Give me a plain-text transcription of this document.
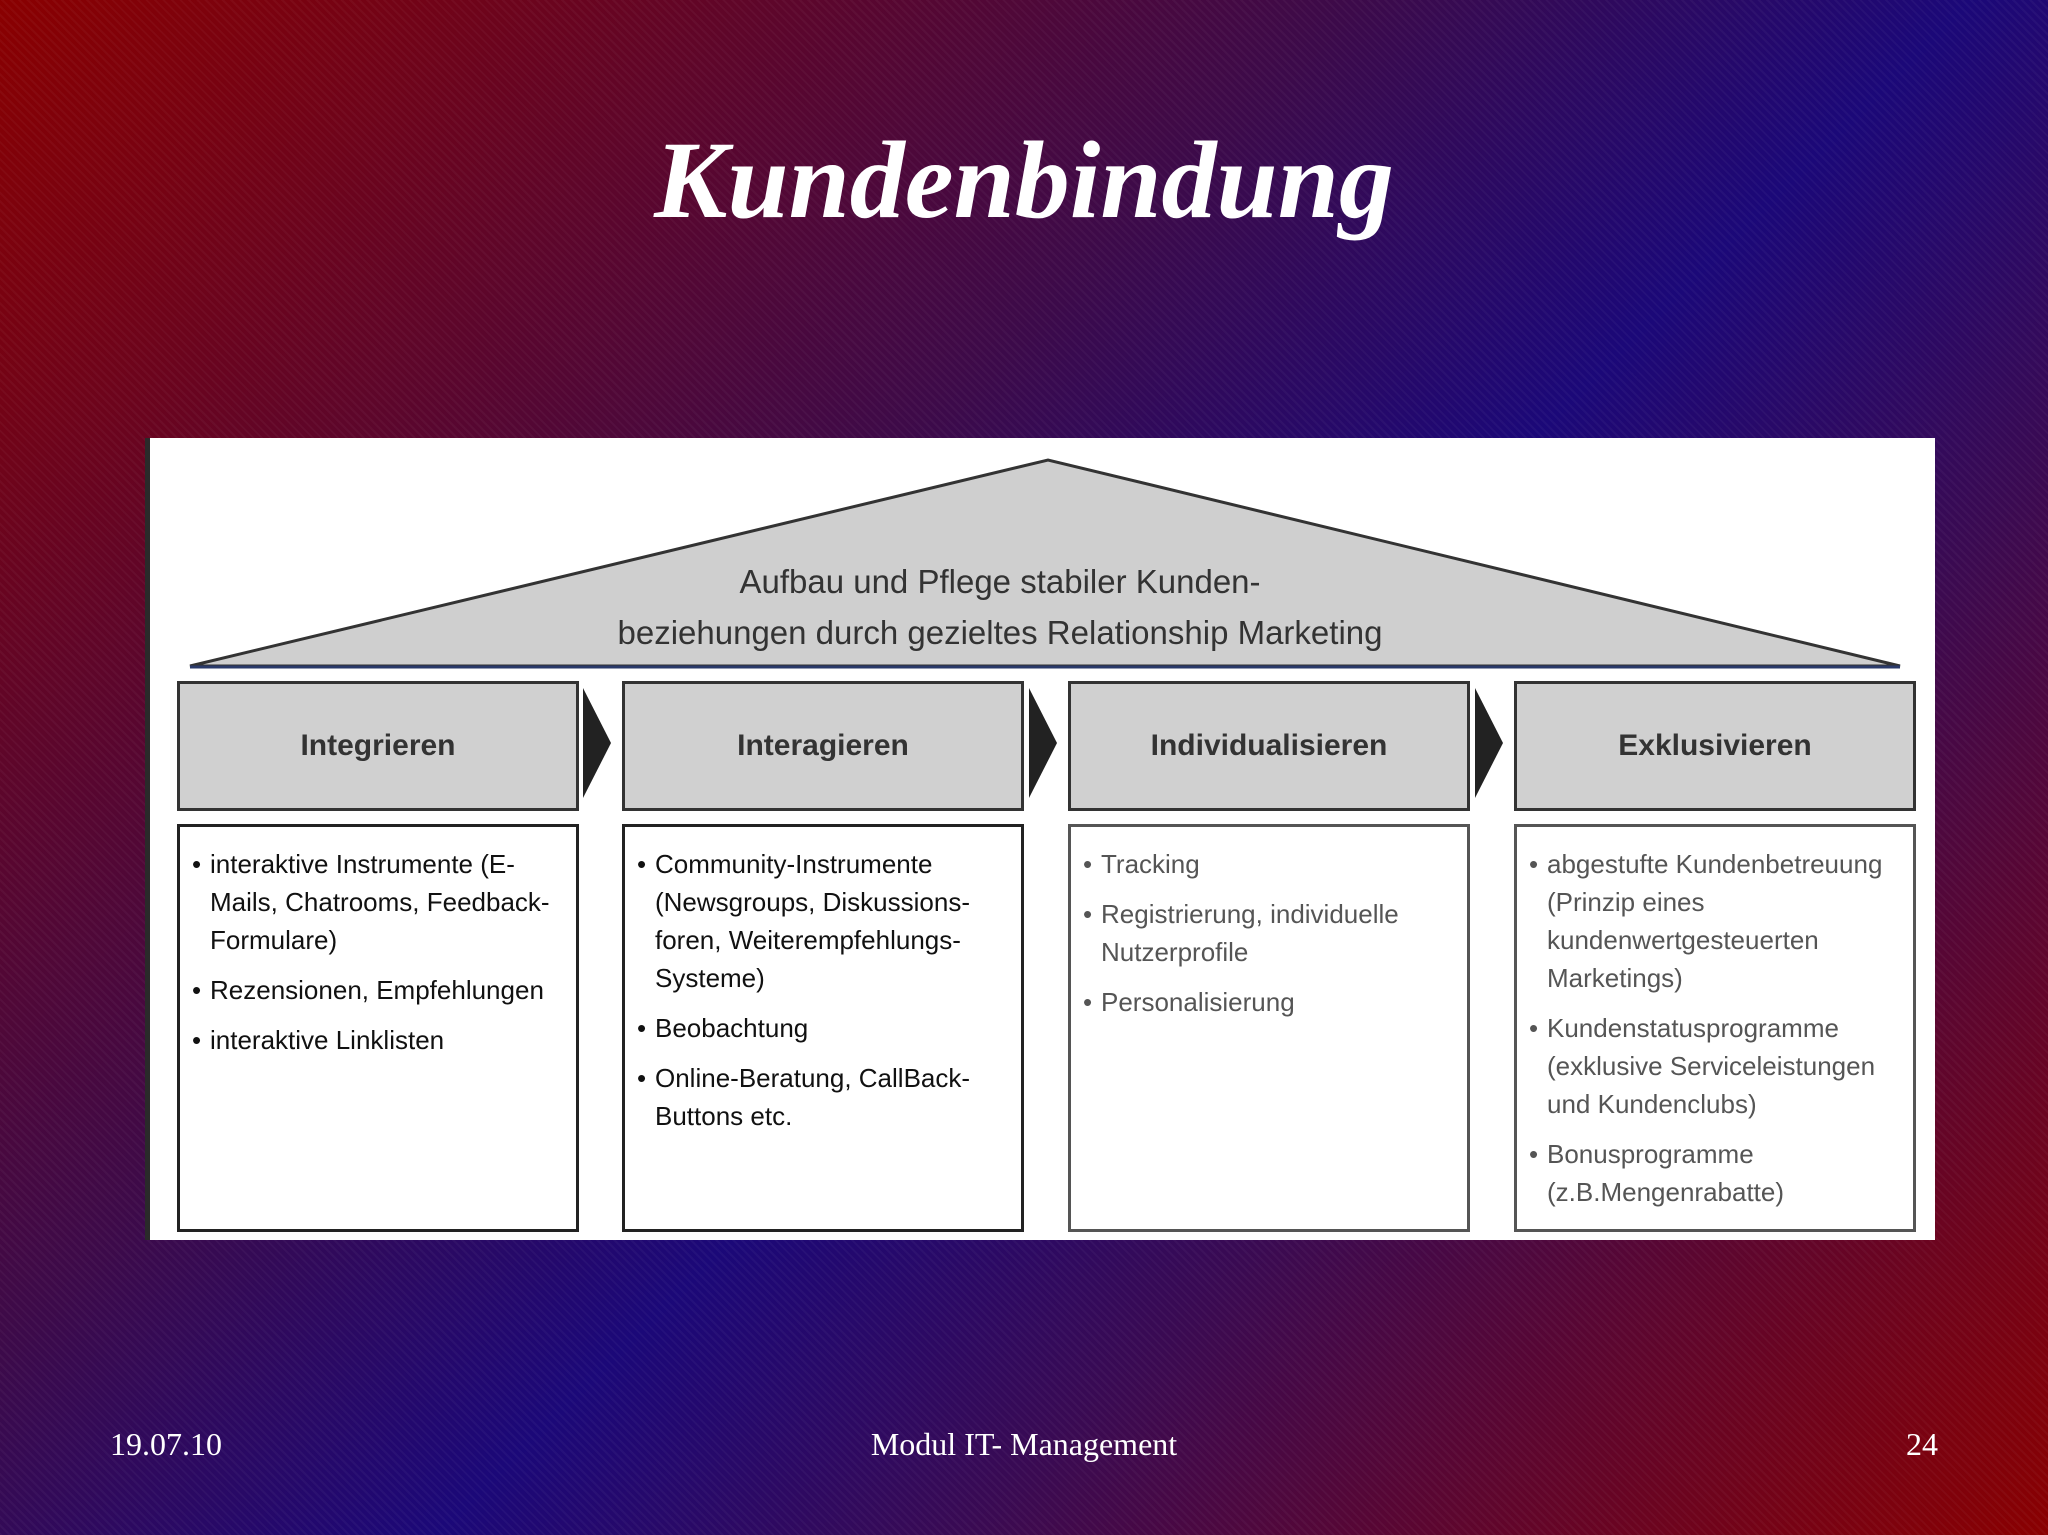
Kundenbindung
Aufbau und Pflege stabiler Kunden-
beziehungen durch gezieltes Relationship Marketing
Integrieren	Interagieren	Individualisieren	Exklusivieren
• interaktive Instrumente (E-Mails, Chatrooms, Feedback-Formulare)
• Rezensionen, Empfehlungen
• interaktive Linklisten
• Community-Instrumente (Newsgroups, Diskussions-foren, Weiterempfehlungs-Systeme)
• Beobachtung
• Online-Beratung, CallBack-Buttons etc.
• Tracking
• Registrierung, individuelle Nutzerprofile
• Personalisierung
• abgestufte Kundenbetreuung (Prinzip eines kundenwertgesteuerten Marketings)
• Kundenstatusprogramme (exklusive Serviceleistungen und Kundenclubs)
• Bonusprogramme (z.B.Mengenrabatte)
19.07.10	Modul IT- Management	24
